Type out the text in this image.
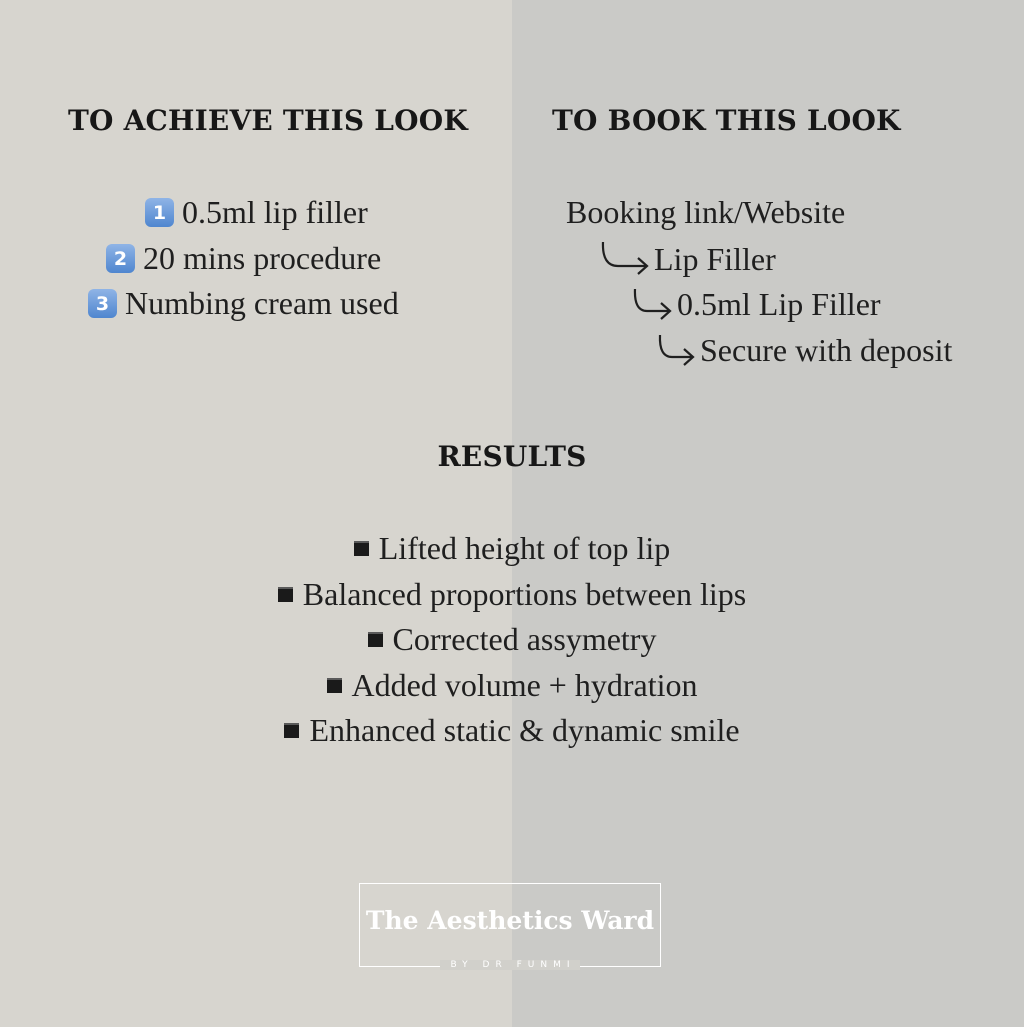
TO ACHIEVE THIS LOOK
1 0.5ml lip filler
2 20 mins procedure
3 Numbing cream used
TO BOOK THIS LOOK
Booking link/Website
Lip Filler
0.5ml Lip Filler
Secure with deposit
RESULTS
Lifted height of top lip
Balanced proportions between lips
Corrected assymetry
Added volume + hydration
Enhanced static & dynamic smile
The Aesthetics Ward
BY DR FUNMI
